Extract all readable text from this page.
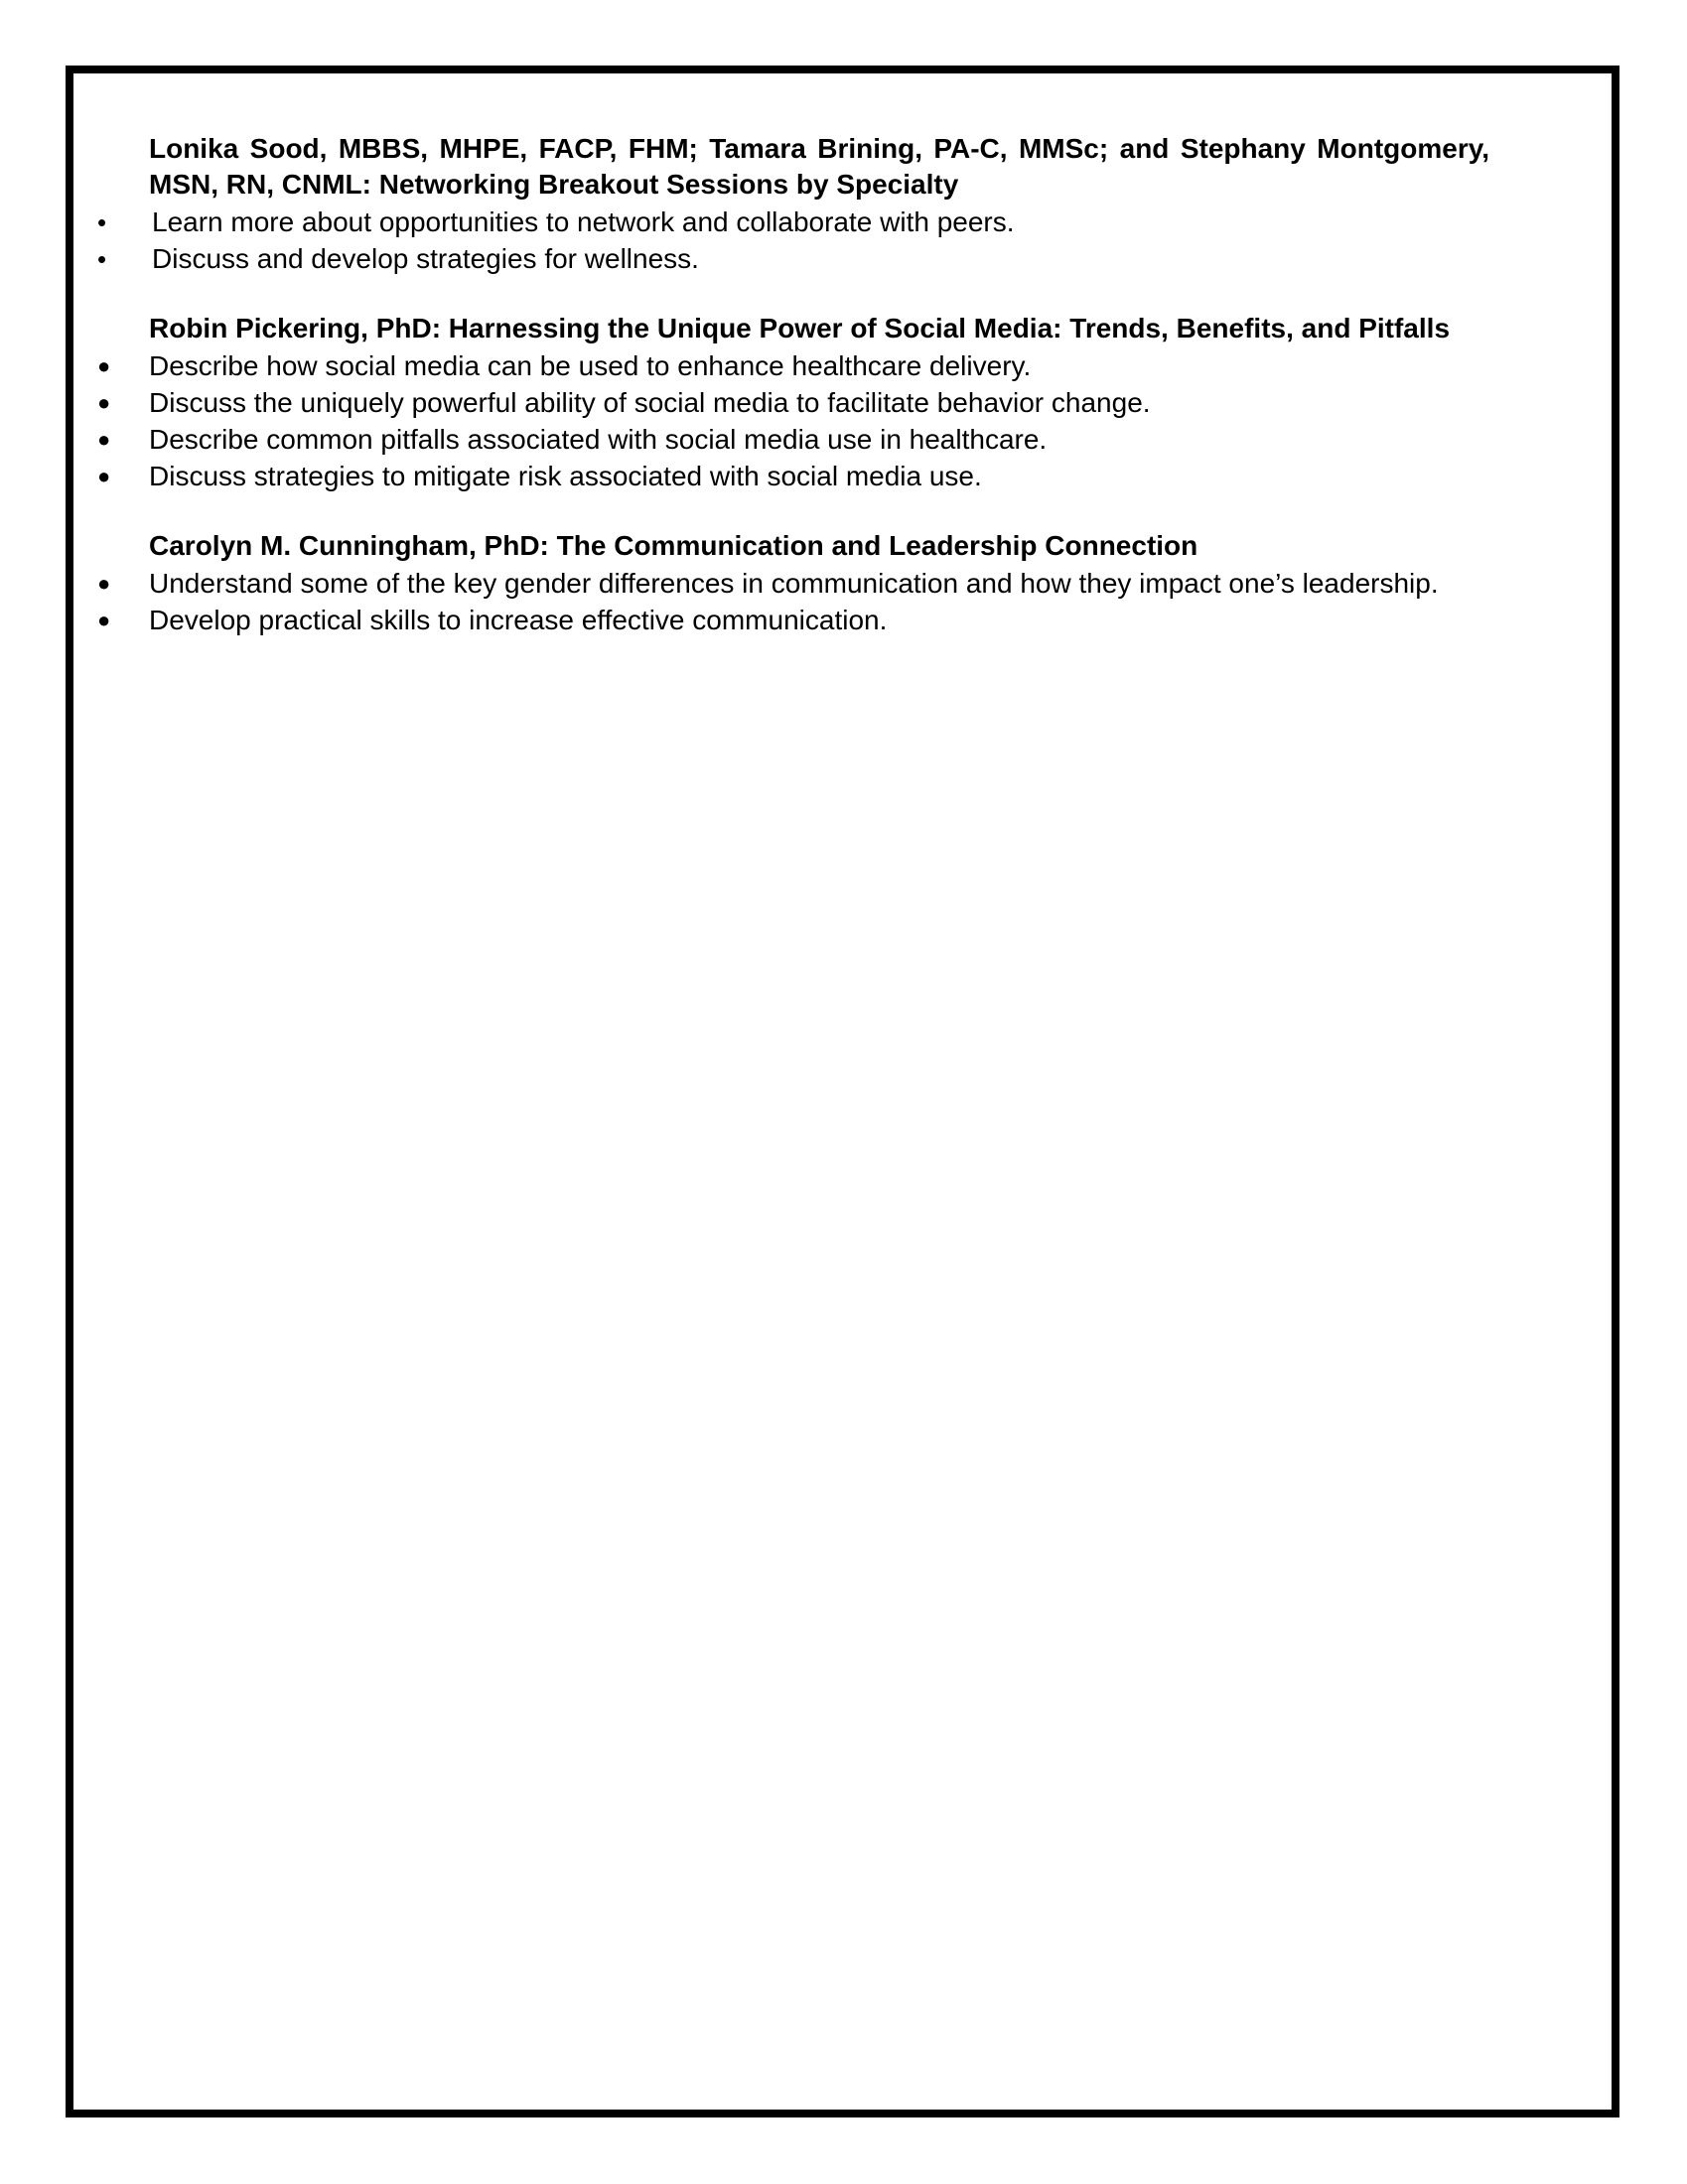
Lonika Sood, MBBS, MHPE, FACP, FHM; Tamara Brining, PA-C, MMSc; and Stephany Montgomery, MSN, RN, CNML: Networking Breakout Sessions by Specialty
•	Learn more about opportunities to network and collaborate with peers.
•	Discuss and develop strategies for wellness.
Robin Pickering, PhD: Harnessing the Unique Power of Social Media: Trends, Benefits, and Pitfalls
● Describe how social media can be used to enhance healthcare delivery.
● Discuss the uniquely powerful ability of social media to facilitate behavior change.
● Describe common pitfalls associated with social media use in healthcare.
● Discuss strategies to mitigate risk associated with social media use.
Carolyn M. Cunningham, PhD: The Communication and Leadership Connection
● Understand some of the key gender differences in communication and how they impact one’s leadership.
● Develop practical skills to increase effective communication.
